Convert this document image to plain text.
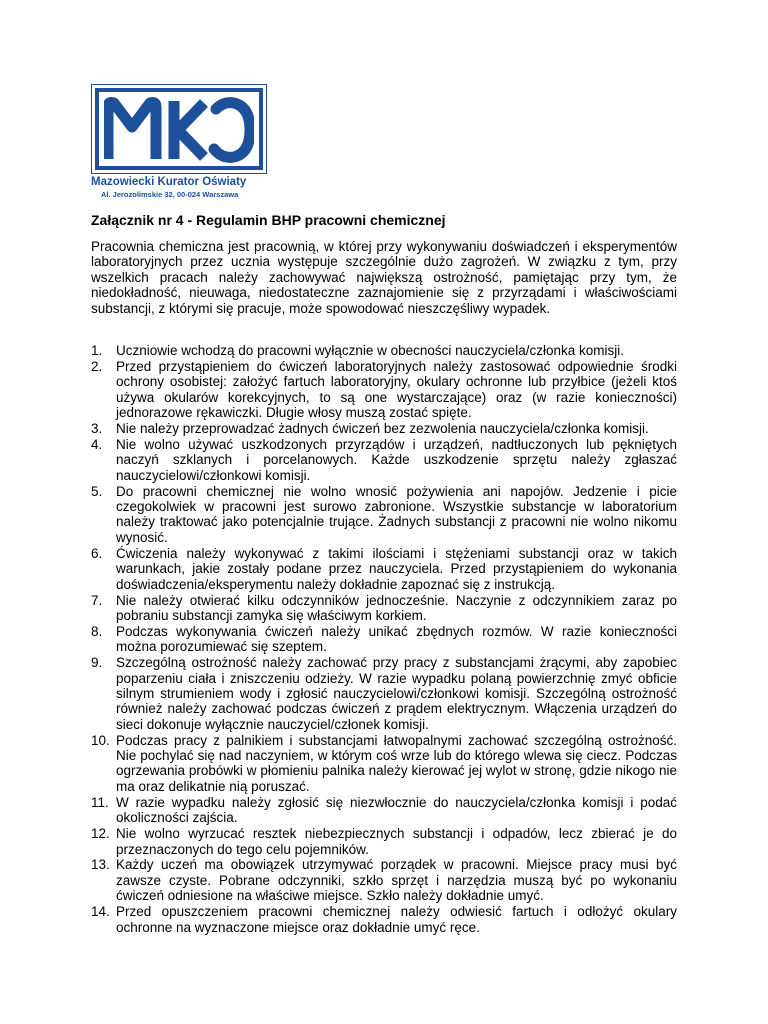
Mazowiecki Kurator Oświaty
Al. Jerozolimskie 32, 00-024 Warszawa
Załącznik nr 4 - Regulamin BHP pracowni chemicznej

Pracownia chemiczna jest pracownią, w której przy wykonywaniu doświadczeń i eksperymentów laboratoryjnych przez ucznia występuje szczególnie dużo zagrożeń. W związku z tym, przy wszelkich pracach należy zachowywać największą ostrożność, pamiętając przy tym, że niedokładność, nieuwaga, niedostateczne zaznajomienie się z przyrządami i właściwościami substancji, z którymi się pracuje, może spowodować nieszczęśliwy wypadek.

1. Uczniowie wchodzą do pracowni wyłącznie w obecności nauczyciela/członka komisji.
2. Przed przystąpieniem do ćwiczeń laboratoryjnych należy zastosować odpowiednie środki ochrony osobistej: założyć fartuch laboratoryjny, okulary ochronne lub przyłbice (jeżeli ktoś używa okularów korekcyjnych, to są one wystarczające) oraz (w razie konieczności) jednorazowe rękawiczki. Długie włosy muszą zostać spięte.
3. Nie należy przeprowadzać żadnych ćwiczeń bez zezwolenia nauczyciela/członka komisji.
4. Nie wolno używać uszkodzonych przyrządów i urządzeń, nadtłuczonych lub pękniętych naczyń szklanych i porcelanowych. Każde uszkodzenie sprzętu należy zgłaszać nauczycielowi/członkowi komisji.
5. Do pracowni chemicznej nie wolno wnosić pożywienia ani napojów. Jedzenie i picie czegokolwiek w pracowni jest surowo zabronione. Wszystkie substancje w laboratorium należy traktować jako potencjalnie trujące. Żadnych substancji z pracowni nie wolno nikomu wynosić.
6. Ćwiczenia należy wykonywać z takimi ilościami i stężeniami substancji oraz w takich warunkach, jakie zostały podane przez nauczyciela. Przed przystąpieniem do wykonania doświadczenia/eksperymentu należy dokładnie zapoznać się z instrukcją.
7. Nie należy otwierać kilku odczynników jednocześnie. Naczynie z odczynnikiem zaraz po pobraniu substancji zamyka się właściwym korkiem.
8. Podczas wykonywania ćwiczeń należy unikać zbędnych rozmów. W razie konieczności można porozumiewać się szeptem.
9. Szczególną ostrożność należy zachować przy pracy z substancjami żrącymi, aby zapobiec poparzeniu ciała i zniszczeniu odzieży. W razie wypadku polaną powierzchnię zmyć obficie silnym strumieniem wody i zgłosić nauczycielowi/członkowi komisji. Szczególną ostrożność również należy zachować podczas ćwiczeń z prądem elektrycznym. Włączenia urządzeń do sieci dokonuje wyłącznie nauczyciel/członek komisji.
10. Podczas pracy z palnikiem i substancjami łatwopalnymi zachować szczególną ostrożność. Nie pochylać się nad naczyniem, w którym coś wrze lub do którego wlewa się ciecz. Podczas ogrzewania probówki w płomieniu palnika należy kierować jej wylot w stronę, gdzie nikogo nie ma oraz delikatnie nią poruszać.
11. W razie wypadku należy zgłosić się niezwłocznie do nauczyciela/członka komisji i podać okoliczności zajścia.
12. Nie wolno wyrzucać resztek niebezpiecznych substancji i odpadów, lecz zbierać je do przeznaczonych do tego celu pojemników.
13. Każdy uczeń ma obowiązek utrzymywać porządek w pracowni. Miejsce pracy musi być zawsze czyste. Pobrane odczynniki, szkło sprzęt i narzędzia muszą być po wykonaniu ćwiczeń odniesione na właściwe miejsce. Szkło należy dokładnie umyć.
14. Przed opuszczeniem pracowni chemicznej należy odwiesić fartuch i odłożyć okulary ochronne na wyznaczone miejsce oraz dokładnie umyć ręce.
